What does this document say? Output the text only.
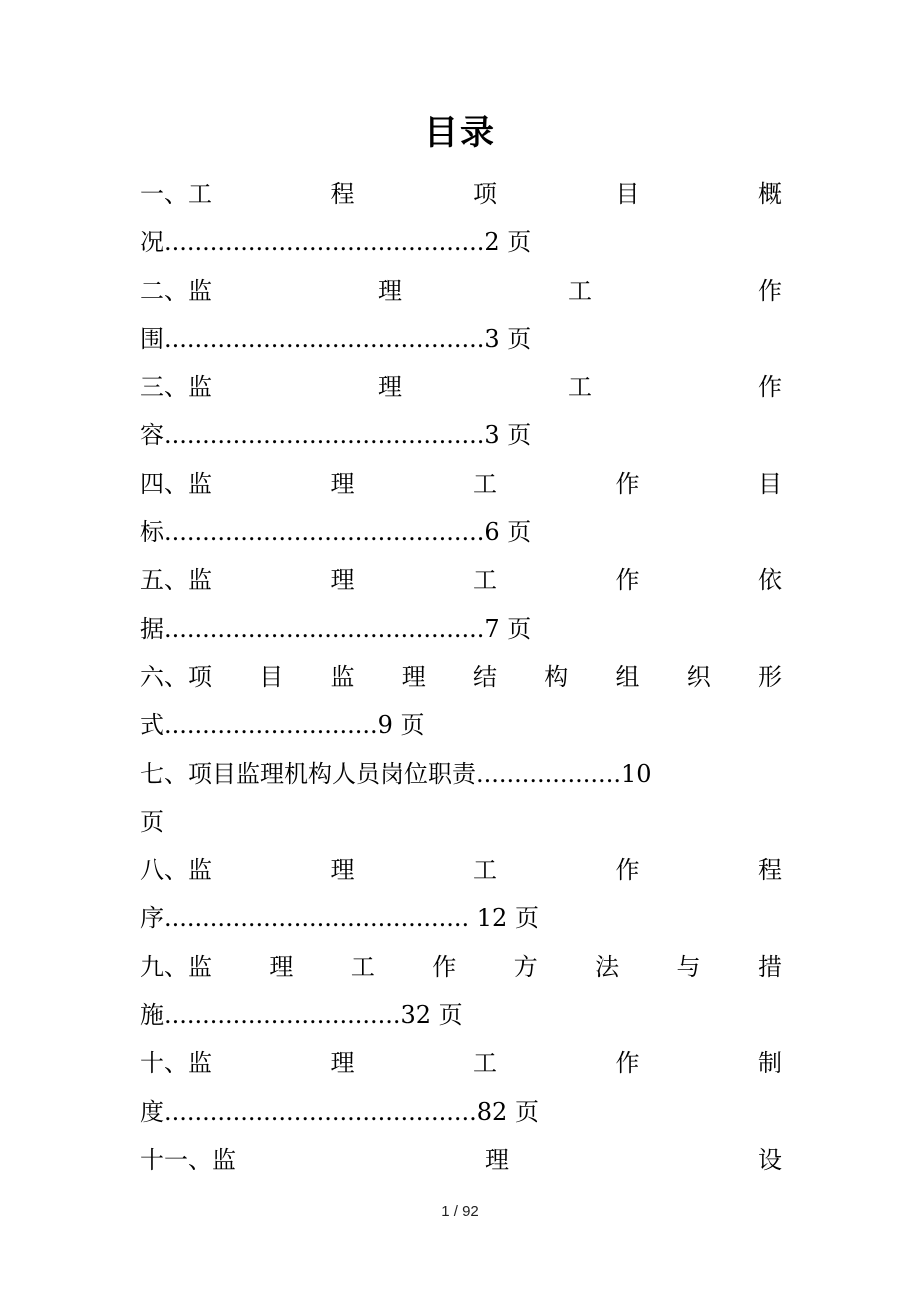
目录
一、工	程	项	目	概
况..........................................2 页
二、监	理	工	作
围..........................................3 页
三、监	理	工	作
容..........................................3 页
四、监	理	工	作	目
标..........................................6 页
五、监	理	工	作	依
据..........................................7 页
六、项 目 监 理 结 构 组 织 形
式............................9 页
七、项目监理机构人员岗位职责...................10
页
八、监	理	工	作	程
序........................................ 12 页
九、监 理 工 作 方 法 与 措
施...............................32 页
十、监	理	工	作	制
度.........................................82 页
十一、监	理	设
1 / 92
